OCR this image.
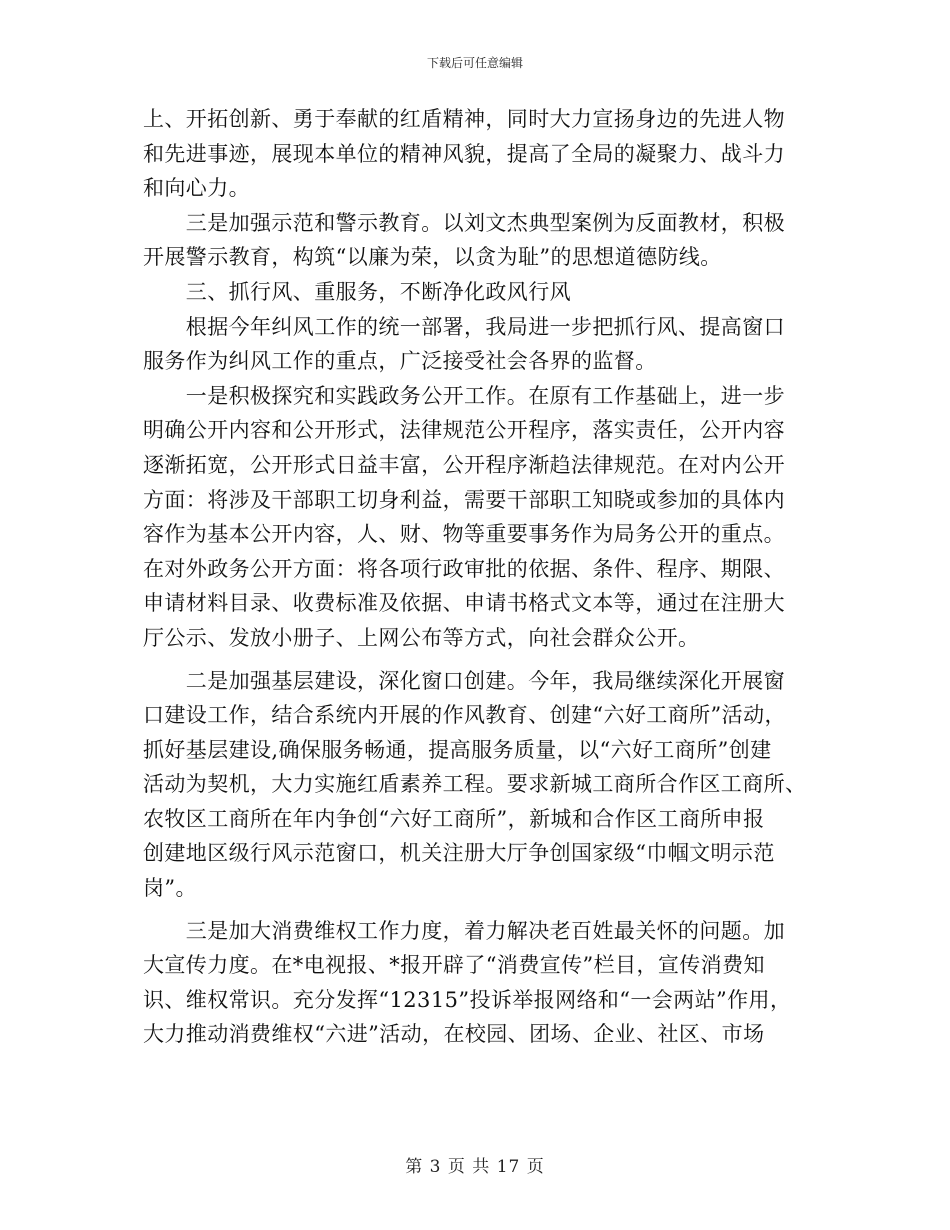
下载后可任意编辑
上、开拓创新、勇于奉献的红盾精神，同时大力宣扬身边的先进人物
和先进事迹，展现本单位的精神风貌，提高了全局的凝聚力、战斗力
和向心力。
　　三是加强示范和警示教育。以刘文杰典型案例为反面教材，积极
开展警示教育，构筑“以廉为荣，以贪为耻”的思想道德防线。
　　三、抓行风、重服务，不断净化政风行风
　　根据今年纠风工作的统一部署，我局进一步把抓行风、提高窗口
服务作为纠风工作的重点，广泛接受社会各界的监督。
　　一是积极探究和实践政务公开工作。在原有工作基础上，进一步
明确公开内容和公开形式，法律规范公开程序，落实责任，公开内容
逐渐拓宽，公开形式日益丰富，公开程序渐趋法律规范。在对内公开
方面：将涉及干部职工切身利益，需要干部职工知晓或参加的具体内
容作为基本公开内容，人、财、物等重要事务作为局务公开的重点。
在对外政务公开方面：将各项行政审批的依据、条件、程序、期限、
申请材料目录、收费标准及依据、申请书格式文本等，通过在注册大
厅公示、发放小册子、上网公布等方式，向社会群众公开。
　　二是加强基层建设，深化窗口创建。今年，我局继续深化开展窗
口建设工作，结合系统内开展的作风教育、创建“六好工商所”活动，
抓好基层建设,确保服务畅通，提高服务质量，以“六好工商所”创建
活动为契机，大力实施红盾素养工程。要求新城工商所合作区工商所、
农牧区工商所在年内争创“六好工商所”，新城和合作区工商所申报
创建地区级行风示范窗口，机关注册大厅争创国家级“巾帼文明示范
岗”。
　　三是加大消费维权工作力度，着力解决老百姓最关怀的问题。加
大宣传力度。在*电视报、*报开辟了“消费宣传”栏目，宣传消费知
识、维权常识。充分发挥“12315”投诉举报网络和“一会两站”作用，
大力推动消费维权“六进”活动，在校园、团场、企业、社区、市场
第 3 页 共 17 页
